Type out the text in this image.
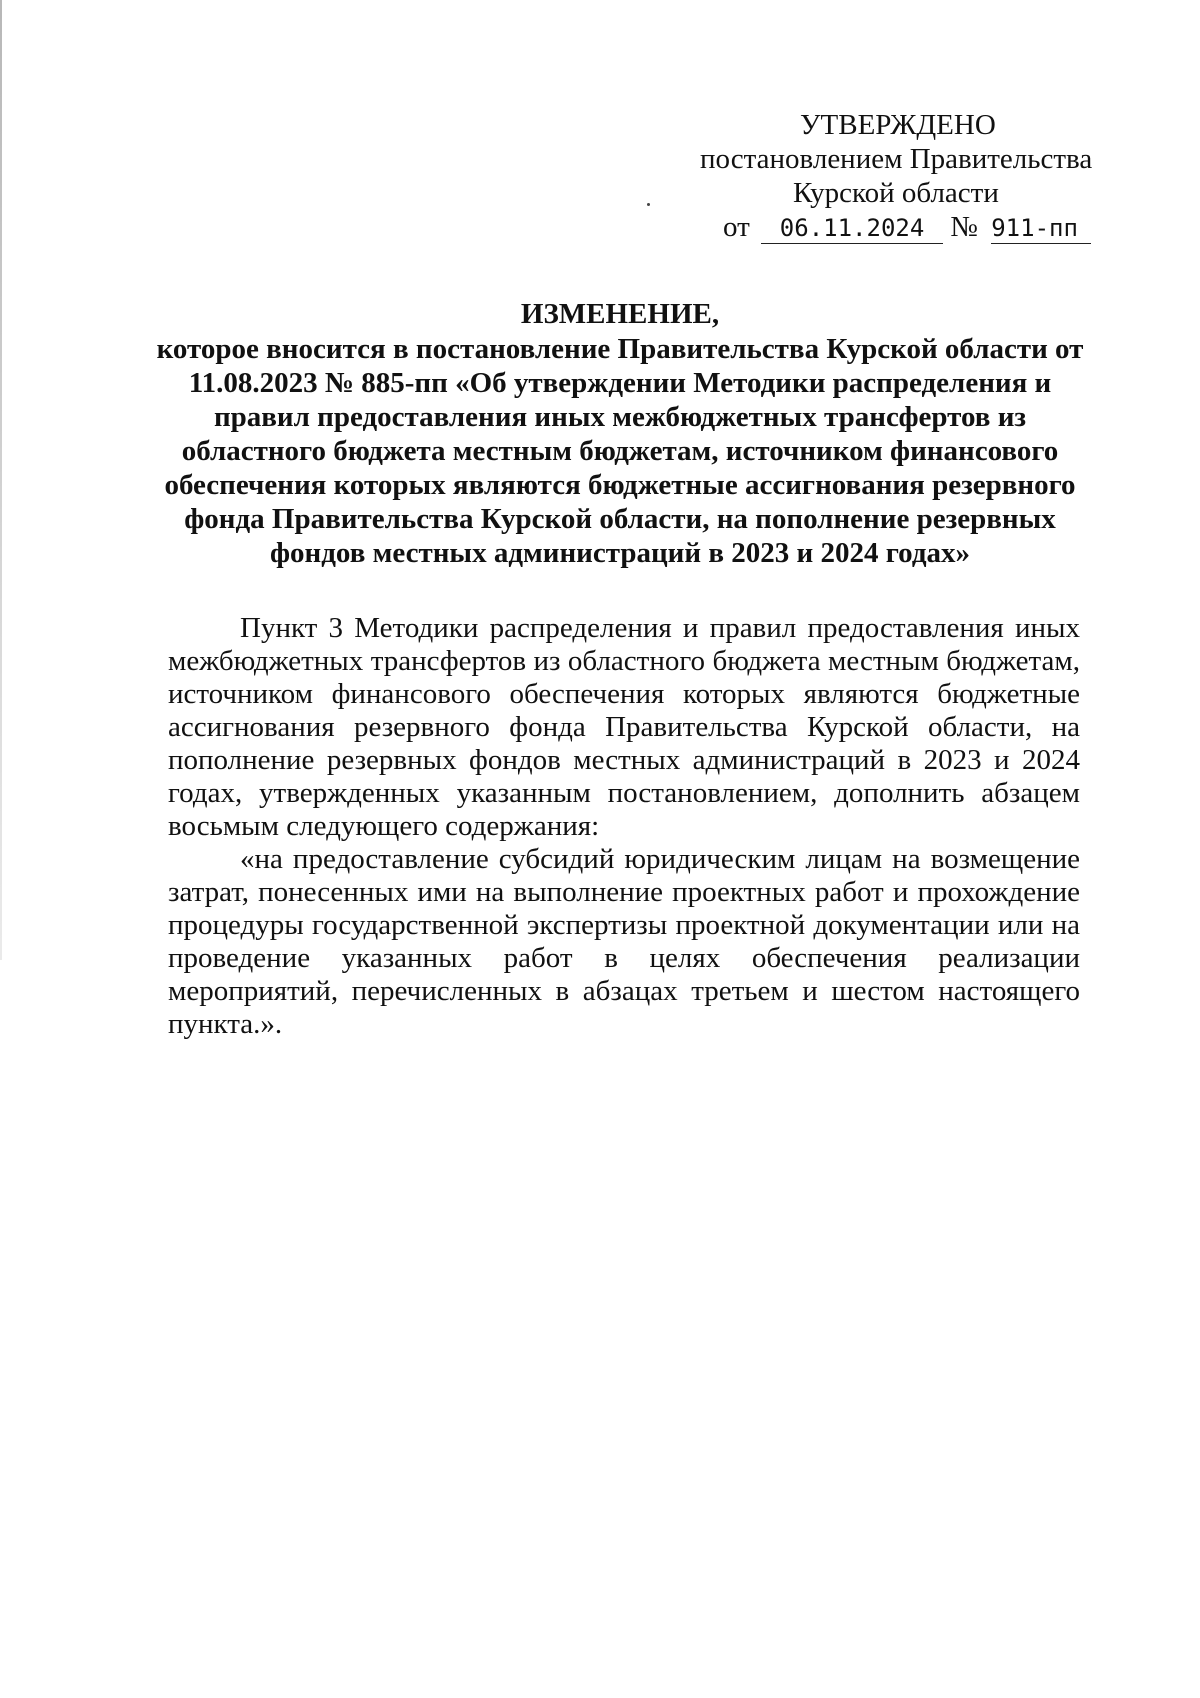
УТВЕРЖДЕНО
постановлением Правительства
Курской области
от 06.11.2024 № 911-пп
ИЗМЕНЕНИЕ,
которое вносится в постановление Правительства Курской области от
11.08.2023 № 885-пп «Об утверждении Методики распределения и
правил предоставления иных межбюджетных трансфертов из
областного бюджета местным бюджетам, источником финансового
обеспечения которых являются бюджетные ассигнования резервного
фонда Правительства Курской области, на пополнение резервных
фондов местных администраций в 2023 и 2024 годах»

Пункт 3 Методики распределения и правил предоставления иных межбюджетных трансфертов из областного бюджета местным бюджетам, источником финансового обеспечения которых являются бюджетные ассигнования резервного фонда Правительства Курской области, на пополнение резервных фондов местных администраций в 2023 и 2024 годах, утвержденных указанным постановлением, дополнить абзацем восьмым следующего содержания:

«на предоставление субсидий юридическим лицам на возмещение затрат, понесенных ими на выполнение проектных работ и прохождение процедуры государственной экспертизы проектной документации или на проведение указанных работ в целях обеспечения реализации мероприятий, перечисленных в абзацах третьем и шестом настоящего пункта.».
